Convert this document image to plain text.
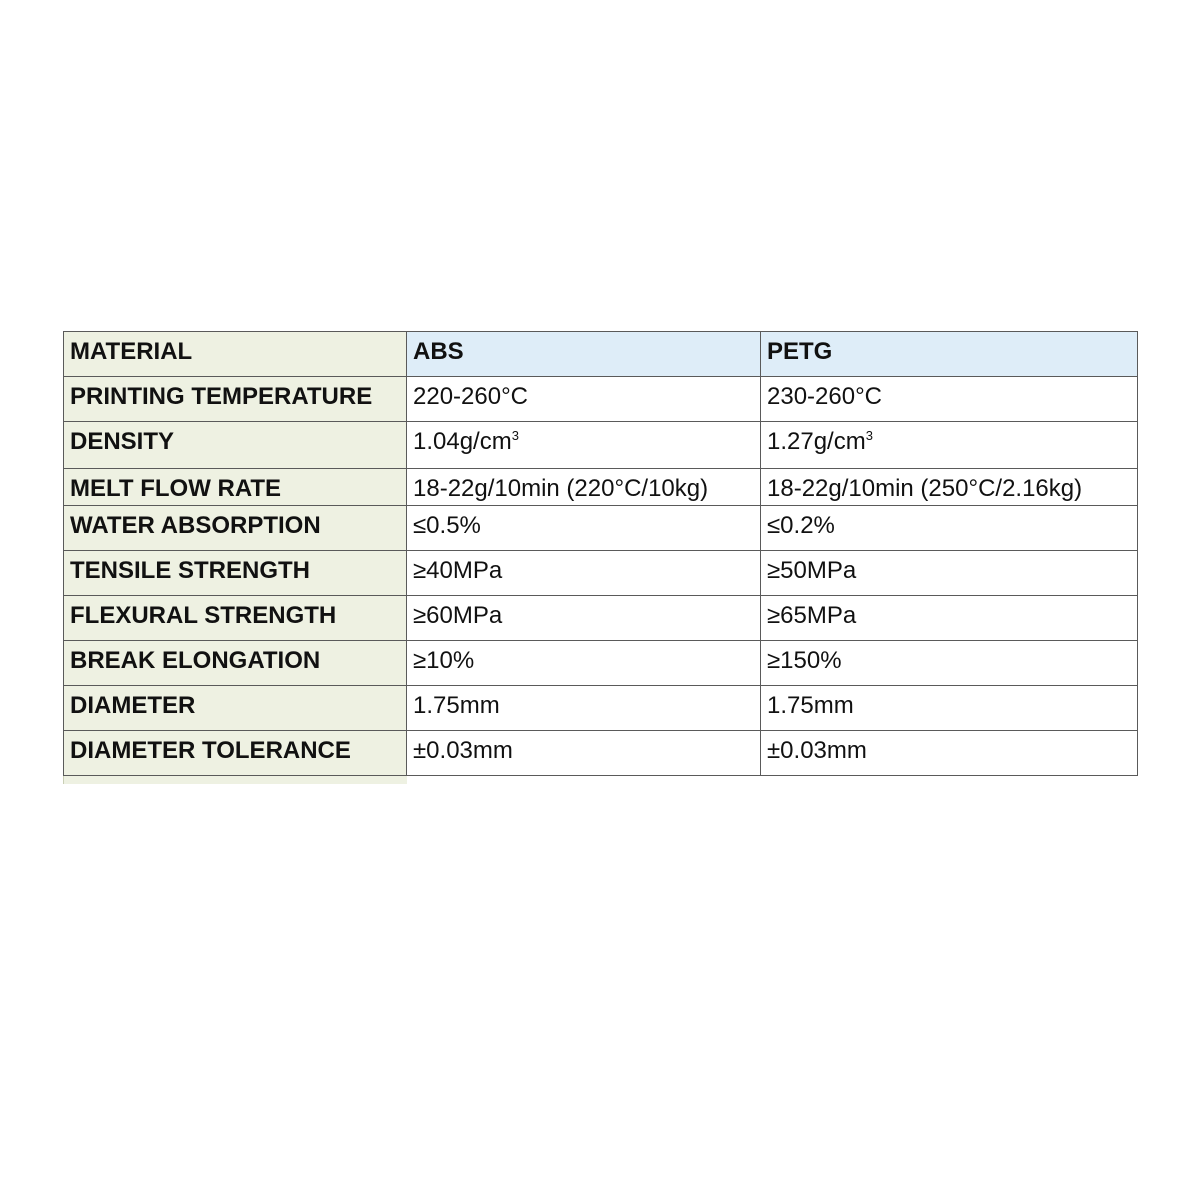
MATERIAL	ABS	PETG
PRINTING TEMPERATURE	220-260°C	230-260°C
DENSITY	$1.04g/cm^3$	$1.27g/cm^3$
MELT FLOW RATE	18-22g/10min (220°C/10kg)	18-22g/10min (250°C/2.16kg)
WATER ABSORPTION	≤0.5%	≤0.2%
TENSILE STRENGTH	≥40MPa	≥50MPa
FLEXURAL STRENGTH	≥60MPa	≥65MPa
BREAK ELONGATION	≥10%	≥150%
DIAMETER	1.75mm	1.75mm
DIAMETER TOLERANCE	±0.03mm	±0.03mm
